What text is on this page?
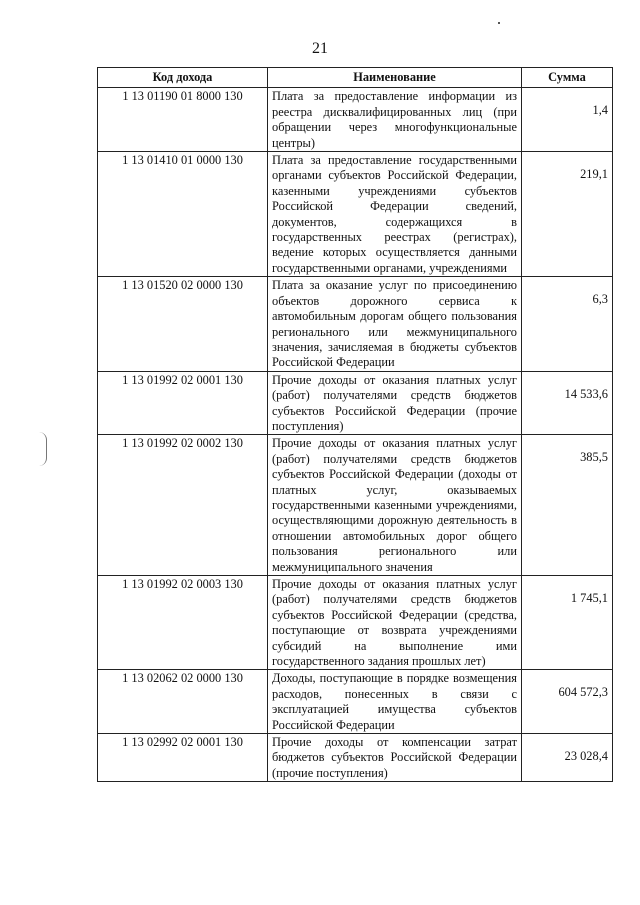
21
Код дохода	Наименование	Сумма
1 13 01190 01 8000 130	Плата за предоставление информации из реестра дисквалифицированных лиц (при обращении через многофункциональные центры)	1,4
1 13 01410 01 0000 130	Плата за предоставление государственными органами субъектов Российской Федерации, казенными учреждениями субъектов Российской Федерации сведений, документов, содержащихся в государственных реестрах (регистрах), ведение которых осуществляется данными государственными органами, учреждениями	219,1
1 13 01520 02 0000 130	Плата за оказание услуг по присоединению объектов дорожного сервиса к автомобильным дорогам общего пользования регионального или межмуниципального значения, зачисляемая в бюджеты субъектов Российской Федерации	6,3
1 13 01992 02 0001 130	Прочие доходы от оказания платных услуг (работ) получателями средств бюджетов субъектов Российской Федерации (прочие поступления)	14 533,6
1 13 01992 02 0002 130	Прочие доходы от оказания платных услуг (работ) получателями средств бюджетов субъектов Российской Федерации (доходы от платных услуг, оказываемых государственными казенными учреждениями, осуществляющими дорожную деятельность в отношении автомобильных дорог общего пользования регионального или межмуниципального значения	385,5
1 13 01992 02 0003 130	Прочие доходы от оказания платных услуг (работ) получателями средств бюджетов субъектов Российской Федерации (средства, поступающие от возврата учреждениями субсидий на выполнение ими государственного задания прошлых лет)	1 745,1
1 13 02062 02 0000 130	Доходы, поступающие в порядке возмещения расходов, понесенных в связи с эксплуатацией имущества субъектов Российской Федерации	604 572,3
1 13 02992 02 0001 130	Прочие доходы от компенсации затрат бюджетов субъектов Российской Федерации (прочие поступления)	23 028,4
